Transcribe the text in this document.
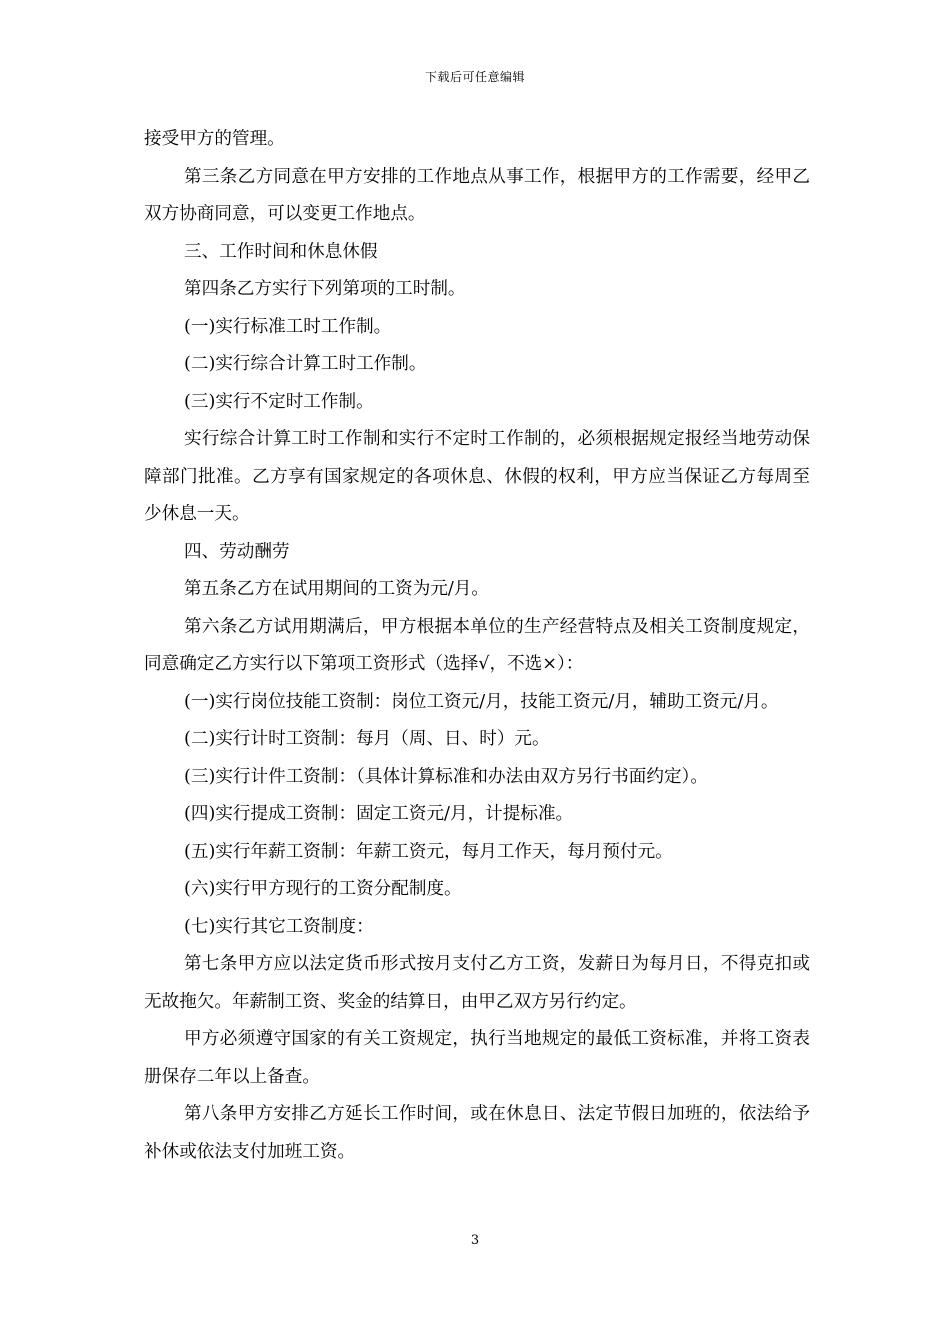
下载后可任意编辑

接受甲方的管理。

第三条乙方同意在甲方安排的工作地点从事工作，根据甲方的工作需要，经甲乙双方协商同意，可以变更工作地点。

三、工作时间和休息休假

第四条乙方实行下列第项的工时制。

(一)实行标准工时工作制。

(二)实行综合计算工时工作制。

(三)实行不定时工作制。

实行综合计算工时工作制和实行不定时工作制的，必须根据规定报经当地劳动保障部门批准。乙方享有国家规定的各项休息、休假的权利，甲方应当保证乙方每周至少休息一天。

四、劳动酬劳

第五条乙方在试用期间的工资为元/月。

第六条乙方试用期满后，甲方根据本单位的生产经营特点及相关工资制度规定，同意确定乙方实行以下第项工资形式（选择√，不选×）：

(一)实行岗位技能工资制：岗位工资元/月，技能工资元/月，辅助工资元/月。

(二)实行计时工资制：每月（周、日、时）元。

(三)实行计件工资制：（具体计算标准和办法由双方另行书面约定）。

(四)实行提成工资制：固定工资元/月，计提标准。

(五)实行年薪工资制：年薪工资元，每月工作天，每月预付元。

(六)实行甲方现行的工资分配制度。

(七)实行其它工资制度：

第七条甲方应以法定货币形式按月支付乙方工资，发薪日为每月日，不得克扣或无故拖欠。年薪制工资、奖金的结算日，由甲乙双方另行约定。

甲方必须遵守国家的有关工资规定，执行当地规定的最低工资标准，并将工资表册保存二年以上备查。

第八条甲方安排乙方延长工作时间，或在休息日、法定节假日加班的，依法给予补休或依法支付加班工资。

3
